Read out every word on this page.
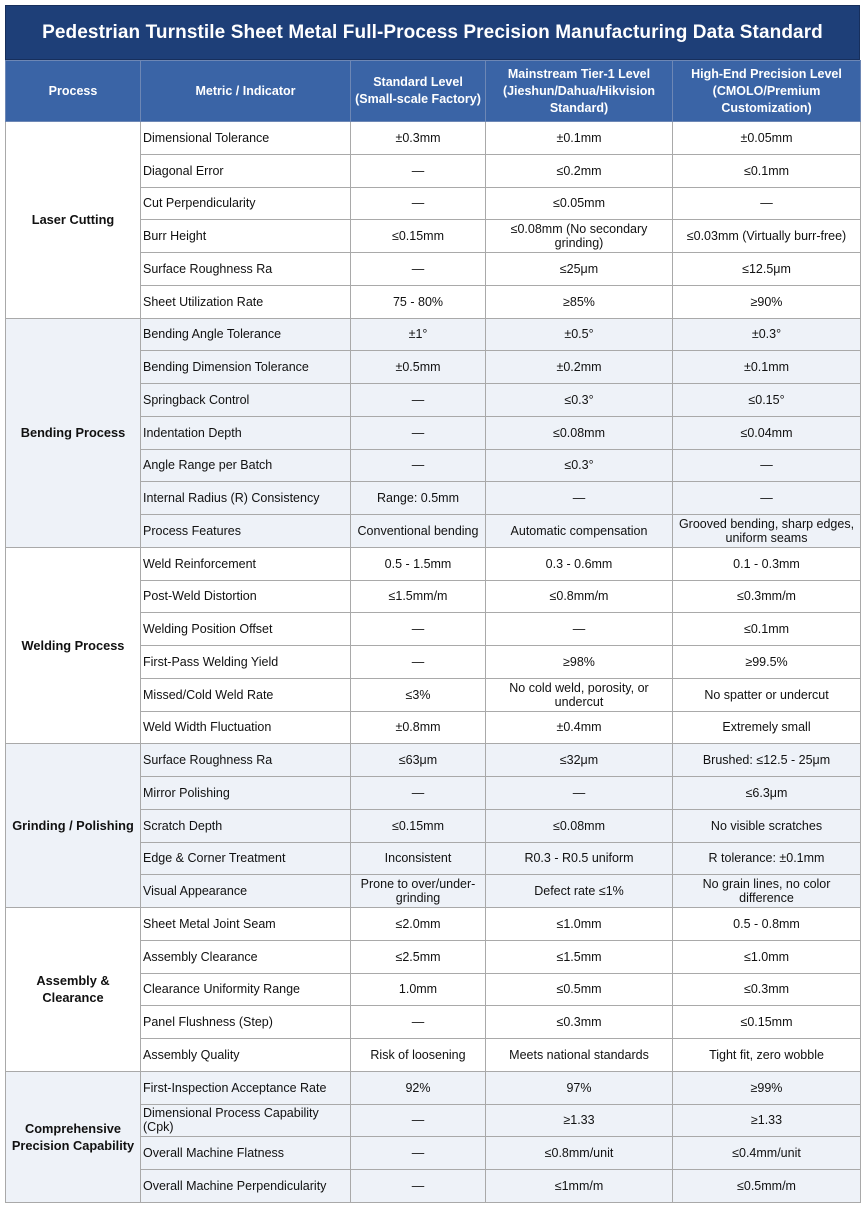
Pedestrian Turnstile Sheet Metal Full-Process Precision Manufacturing Data Standard
Process	Metric / Indicator	Standard Level (Small-scale Factory)	Mainstream Tier-1 Level (Jieshun/Dahua/Hikvision Standard)	High-End Precision Level (CMOLO/Premium Customization)
Laser Cutting	Dimensional Tolerance	±0.3mm	±0.1mm	±0.05mm
	Diagonal Error	—	≤0.2mm	≤0.1mm
	Cut Perpendicularity	—	≤0.05mm	—
	Burr Height	≤0.15mm	≤0.08mm (No secondary grinding)	≤0.03mm (Virtually burr-free)
	Surface Roughness Ra	—	≤25μm	≤12.5μm
	Sheet Utilization Rate	75 - 80%	≥85%	≥90%
Bending Process	Bending Angle Tolerance	±1°	±0.5°	±0.3°
	Bending Dimension Tolerance	±0.5mm	±0.2mm	±0.1mm
	Springback Control	—	≤0.3°	≤0.15°
	Indentation Depth	—	≤0.08mm	≤0.04mm
	Angle Range per Batch	—	≤0.3°	—
	Internal Radius (R) Consistency	Range: 0.5mm	—	—
	Process Features	Conventional bending	Automatic compensation	Grooved bending, sharp edges, uniform seams
Welding Process	Weld Reinforcement	0.5 - 1.5mm	0.3 - 0.6mm	0.1 - 0.3mm
	Post-Weld Distortion	≤1.5mm/m	≤0.8mm/m	≤0.3mm/m
	Welding Position Offset	—	—	≤0.1mm
	First-Pass Welding Yield	—	≥98%	≥99.5%
	Missed/Cold Weld Rate	≤3%	No cold weld, porosity, or undercut	No spatter or undercut
	Weld Width Fluctuation	±0.8mm	±0.4mm	Extremely small
Grinding / Polishing	Surface Roughness Ra	≤63μm	≤32μm	Brushed: ≤12.5 - 25μm
	Mirror Polishing	—	—	≤6.3μm
	Scratch Depth	≤0.15mm	≤0.08mm	No visible scratches
	Edge & Corner Treatment	Inconsistent	R0.3 - R0.5 uniform	R tolerance: ±0.1mm
	Visual Appearance	Prone to over/under-grinding	Defect rate ≤1%	No grain lines, no color difference
Assembly & Clearance	Sheet Metal Joint Seam	≤2.0mm	≤1.0mm	0.5 - 0.8mm
	Assembly Clearance	≤2.5mm	≤1.5mm	≤1.0mm
	Clearance Uniformity Range	1.0mm	≤0.5mm	≤0.3mm
	Panel Flushness (Step)	—	≤0.3mm	≤0.15mm
	Assembly Quality	Risk of loosening	Meets national standards	Tight fit, zero wobble
Comprehensive Precision Capability	First-Inspection Acceptance Rate	92%	97%	≥99%
	Dimensional Process Capability (Cpk)	—	≥1.33	≥1.33
	Overall Machine Flatness	—	≤0.8mm/unit	≤0.4mm/unit
	Overall Machine Perpendicularity	—	≤1mm/m	≤0.5mm/m
